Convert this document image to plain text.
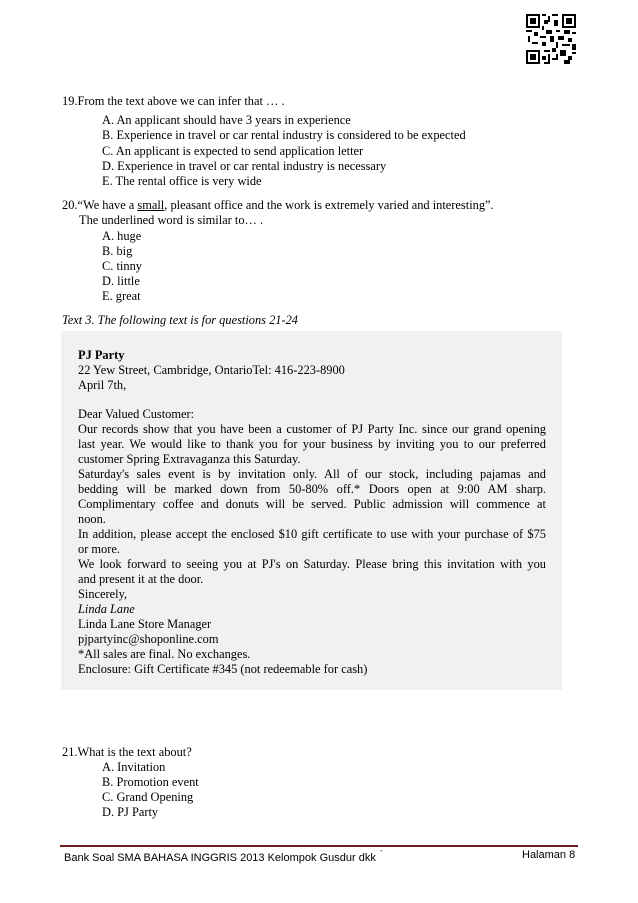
19.From the text above we can infer that … .
A. An applicant should have 3 years in experience
B. Experience in travel or car rental industry is considered to be expected
C. An applicant is expected to send application letter
D. Experience in travel or car rental industry is necessary
E. The rental office is very wide
20.“We have a small, pleasant office and the work is extremely varied and interesting”.
The underlined word is similar to… .
A. huge
B. big
C. tinny
D. little
E. great
Text 3. The following text is for questions 21-24
PJ Party
22 Yew Street, Cambridge, OntarioTel: 416-223-8900
April 7th,
Dear Valued Customer:
Our records show that you have been a customer of PJ Party Inc. since our grand opening
last year. We would like to thank you for your business by inviting you to our preferred
customer Spring Extravaganza this Saturday.
Saturday's sales event is by invitation only. All of our stock, including pajamas and
bedding will be marked down from 50-80% off.* Doors open at 9:00 AM sharp.
Complimentary coffee and donuts will be served. Public admission will commence at
noon.
In addition, please accept the enclosed $10 gift certificate to use with your purchase of $75
or more.
We look forward to seeing you at PJ's on Saturday. Please bring this invitation with you
and present it at the door.
Sincerely,
Linda Lane
Linda Lane Store Manager
pjpartyinc@shoponline.com
*All sales are final. No exchanges.
Enclosure: Gift Certificate #345 (not redeemable for cash)
21.What is the text about?
A. Invitation
B. Promotion event
C. Grand Opening
D. PJ Party
Bank Soal SMA BAHASA INGGRIS 2013 Kelompok Gusdur dkk `	Halaman 8
